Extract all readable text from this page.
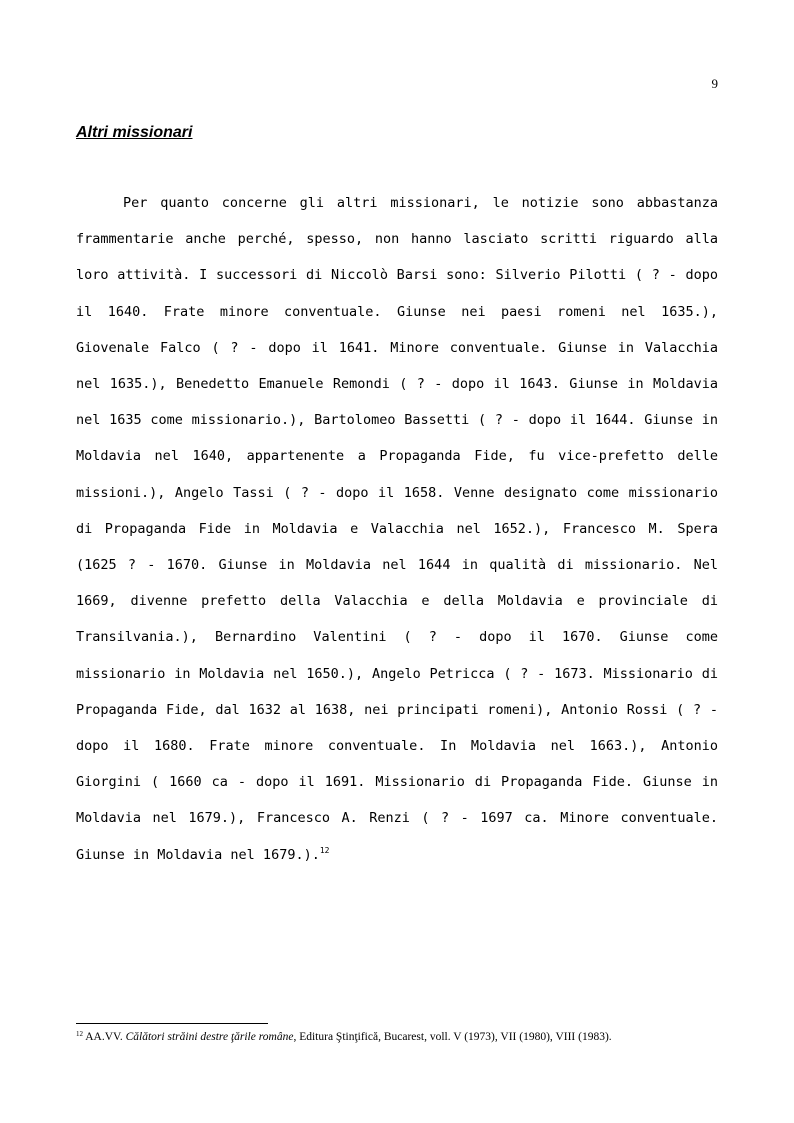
9
Altri missionari

Per quanto concerne gli altri missionari, le notizie sono abbastanza frammentarie anche perché, spesso, non hanno lasciato scritti riguardo alla loro attività. I successori di Niccolò Barsi sono: Silverio Pilotti ( ? - dopo il 1640. Frate minore conventuale. Giunse nei paesi romeni nel 1635.), Giovenale Falco ( ? - dopo il 1641. Minore conventuale. Giunse in Valacchia nel 1635.), Benedetto Emanuele Remondi ( ? - dopo il 1643. Giunse in Moldavia nel 1635 come missionario.), Bartolomeo Bassetti ( ? - dopo il 1644. Giunse in Moldavia nel 1640, appartenente a Propaganda Fide, fu vice-prefetto delle missioni.), Angelo Tassi ( ? - dopo il 1658. Venne designato come missionario di Propaganda Fide in Moldavia e Valacchia nel 1652.), Francesco M. Spera (1625 ? - 1670. Giunse in Moldavia nel 1644 in qualità di missionario. Nel 1669, divenne prefetto della Valacchia e della Moldavia e provinciale di Transilvania.), Bernardino Valentini ( ? - dopo il 1670. Giunse come missionario in Moldavia nel 1650.), Angelo Petricca ( ? - 1673. Missionario di Propaganda Fide, dal 1632 al 1638, nei principati romeni), Antonio Rossi ( ? - dopo il 1680. Frate minore conventuale. In Moldavia nel 1663.), Antonio Giorgini ( 1660 ca - dopo il 1691. Missionario di Propaganda Fide. Giunse in Moldavia nel 1679.), Francesco A. Renzi ( ? - 1697 ca. Minore conventuale. Giunse in Moldavia nel 1679.).$^{12}$

$^{12}$ AA.VV. Călători străini destre ţările române, Editura Ştinţifică, Bucarest, voll. V (1973), VII (1980), VIII (1983).
